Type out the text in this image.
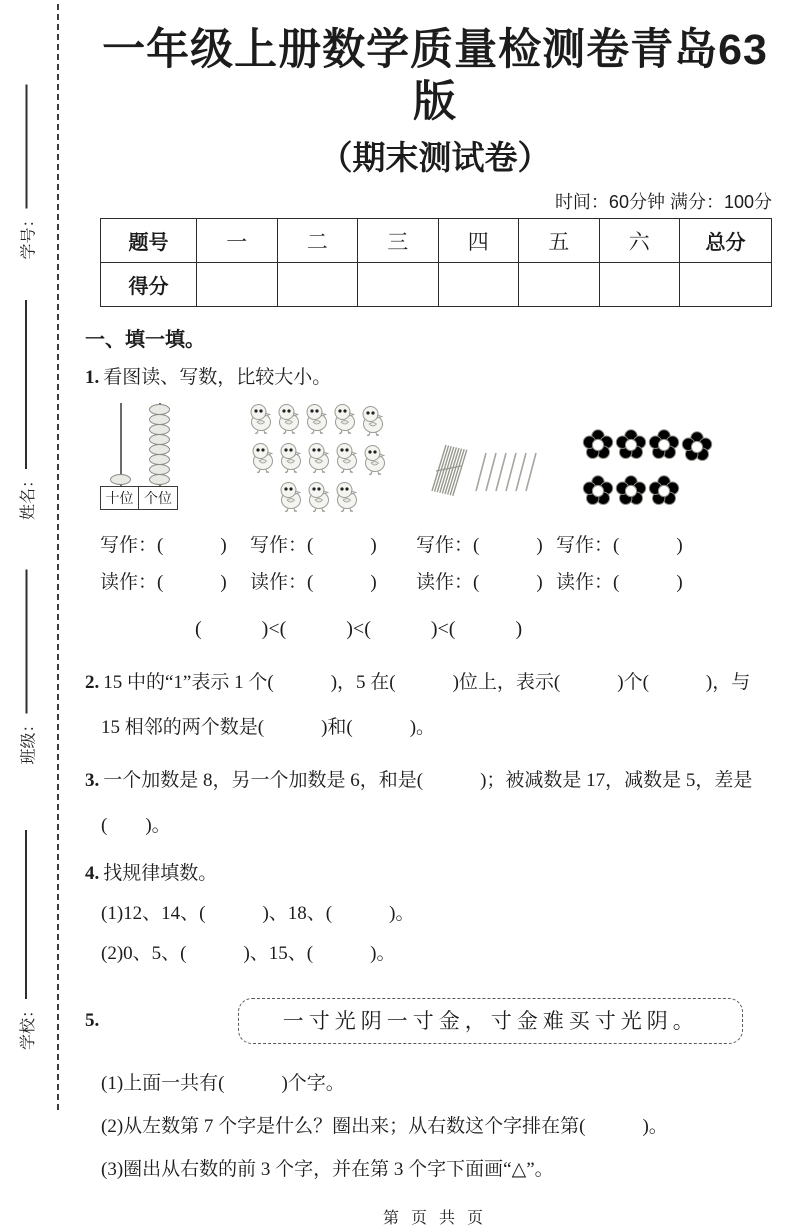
学号：
姓名：
班级：
学校：
一年级上册数学质量检测卷青岛63版
（期末测试卷）
时间：60分钟 满分：100分
题号	一	二	三	四	五	六	总分
得分							
一、填一填。
1. 看图读、写数，比较大小。
十位 个位
写作：(　　　)	写作：(　　　)	写作：(　　　) 写作：(　　　)
读作：(　　　)	读作：(　　　)	读作：(　　　) 读作：(　　　)
(　　　)<(　　　)<(　　　)<(　　　)
2. 15 中的“1”表示 1 个(　　　)，5 在(　　　)位上，表示(　　　)个(　　　)，与
15 相邻的两个数是(　　　)和(　　　)。
3. 一个加数是 8，另一个加数是 6，和是(　　　)；被减数是 17，减数是 5，差是
(　　)。
4. 找规律填数。
(1)12、14、(　　　)、18、(　　　)。
(2)0、5、(　　　)、15、(　　　)。
5.	一寸光阴一寸金，寸金难买寸光阴。
(1)上面一共有(　　　)个字。
(2)从左数第 7 个字是什么？圈出来；从右数这个字排在第(　　　)。
(3)圈出从右数的前 3 个字，并在第 3 个字下面画“△”。
第 页 共 页
